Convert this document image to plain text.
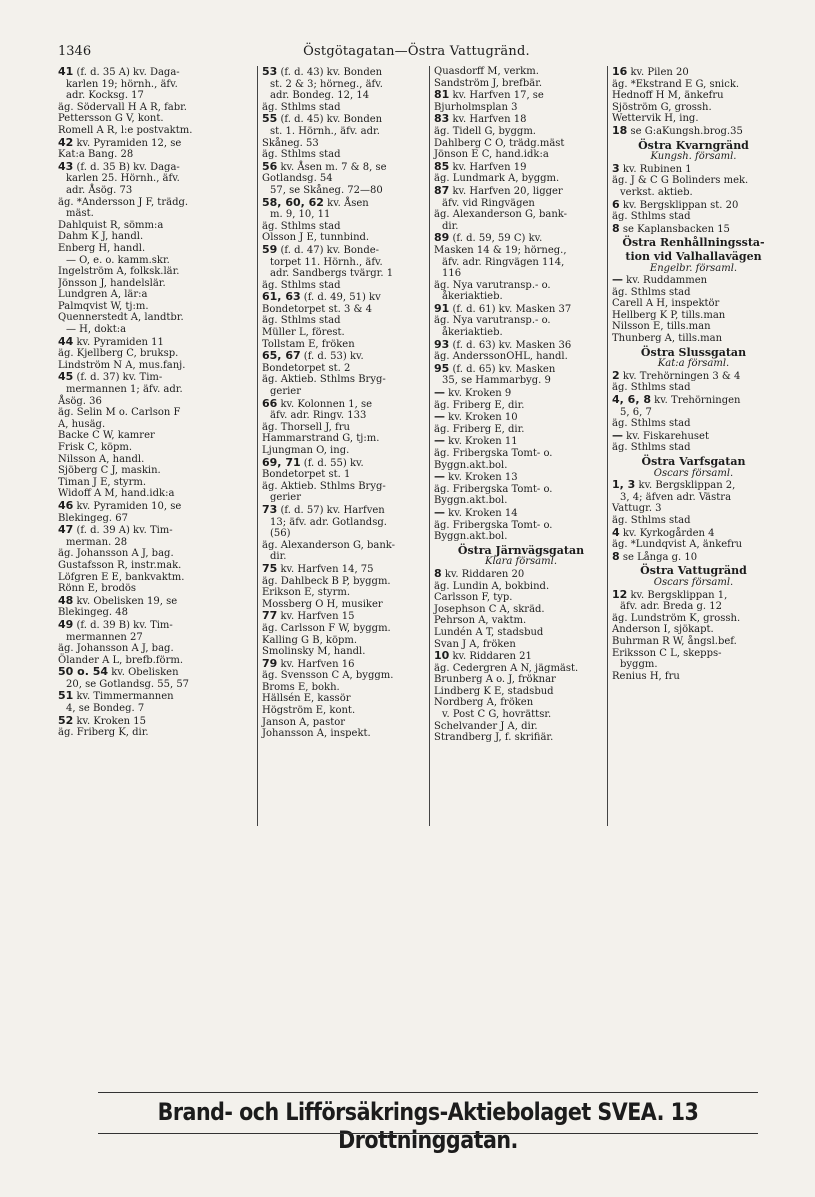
1346	Östgötagatan—Östra Vattugränd.
41 (f. d. 35 A) kv. Daga-
karlen 19; hörnh., äfv.
adr. Kocksg. 17
äg. Södervall H A R, fabr.
Pettersson G V, kont.
Romell A R, l:e postvaktm.
42 kv. Pyramiden 12, se
Kat:a Bang. 28
43 (f. d. 35 B) kv. Daga-
karlen 25. Hörnh., äfv.
adr. Åsög. 73
äg. *Andersson J F, trädg.
mäst.
Dahlquist R, sömm:a
Dahm K J, handl.
Enberg H, handl.
— O, e. o. kamm.skr.
Ingelström A, folksk.lär.
Jönsson J, handelslär.
Lundgren A, lär:a
Palmqvist W, tj:m.
Quennerstedt A, landtbr.
— H, dokt:a
44 kv. Pyramiden 11
äg. Kjellberg C, bruksp.
Lindström N A, mus.fanj.
45 (f. d. 37) kv. Tim-
mermannen 1; äfv. adr.
Åsög. 36
äg. Selin M o. Carlson F
A, husäg.
Backe C W, kamrer
Frisk C, köpm.
Nilsson A, handl.
Sjöberg C J, maskin.
Timan J E, styrm.
Widoff A M, hand.idk:a
46 kv. Pyramiden 10, se
Blekingeg. 67
47 (f. d. 39 A) kv. Tim-
merman. 28
äg. Johansson A J, bag.
Gustafsson R, instr.mak.
Löfgren E E, bankvaktm.
Rönn E, brodös
48 kv. Obelisken 19, se
Blekingeg. 48
49 (f. d. 39 B) kv. Tim-
mermannen 27
äg. Johansson A J, bag.
Ölander A L, brefb.förm.
50 o. 54 kv. Obelisken
20, se Gotlandsg. 55, 57
51 kv. Timmermannen
4, se Bondeg. 7
52 kv. Kroken 15
äg. Friberg K, dir.
53 (f. d. 43) kv. Bonden
st. 2 & 3; hörneg., äfv.
adr. Bondeg. 12, 14
äg. Sthlms stad
55 (f. d. 45) kv. Bonden
st. 1. Hörnh., äfv. adr.
Skåneg. 53
äg. Sthlms stad
56 kv. Åsen m. 7 & 8, se
Gotlandsg. 54
57, se Skåneg. 72—80
58, 60, 62 kv. Åsen
m. 9, 10, 11
äg. Sthlms stad
Olsson J E, tunnbind.
59 (f. d. 47) kv. Bonde-
torpet 11. Hörnh., äfv.
adr. Sandbergs tvärgr. 1
äg. Sthlms stad
61, 63 (f. d. 49, 51) kv
Bondetorpet st. 3 & 4
äg. Sthlms stad
Müller L, förest.
Tollstam E, fröken
65, 67 (f. d. 53) kv.
Bondetorpet st. 2
äg. Aktieb. Sthlms Bryg-
gerier
66 kv. Kolonnen 1, se
äfv. adr. Ringv. 133
äg. Thorsell J, fru
Hammarstrand G, tj:m.
Ljungman O, ing.
69, 71 (f. d. 55) kv.
Bondetorpet st. 1
äg. Aktieb. Sthlms Bryg-
gerier
73 (f. d. 57) kv. Harfven
13; äfv. adr. Gotlandsg.
(56)
äg. Alexanderson G, bank-
dir.
75 kv. Harfven 14, 75
äg. Dahlbeck B P, byggm.
Erikson E, styrm.
Mossberg O H, musiker
77 kv. Harfven 15
äg. Carlsson F W, byggm.
Kalling G B, köpm.
Smolinsky M, handl.
79 kv. Harfven 16
äg. Svensson C A, byggm.
Broms E, bokh.
Hällsén E, kassör
Högström E, kont.
Janson A, pastor
Johansson A, inspekt.
Quasdorff M, verkm.
Sandström J, brefbär.
81 kv. Harfven 17, se
Bjurholmsplan 3
83 kv. Harfven 18
äg. Tidell G, byggm.
Dahlberg C O, trädg.mäst
Jönson E C, hand.idk:a
85 kv. Harfven 19
äg. Lundmark A, byggm.
87 kv. Harfven 20, ligger
äfv. vid Ringvägen
äg. Alexanderson G, bank-
dir.
89 (f. d. 59, 59 C) kv.
Masken 14 & 19; hörneg.,
äfv. adr. Ringvägen 114,
116
äg. Nya varutransp.- o.
åkeriaktieb.
91 (f. d. 61) kv. Masken 37
äg. Nya varutransp.- o.
åkeriaktieb.
93 (f. d. 63) kv. Masken 36
äg. AnderssonOHL, handl.
95 (f. d. 65) kv. Masken
35, se Hammarbyg. 9
— kv. Kroken 9
äg. Friberg E, dir.
— kv. Kroken 10
äg. Friberg E, dir.
— kv. Kroken 11
äg. Fribergska Tomt- o.
Byggn.akt.bol.
— kv. Kroken 13
äg. Fribergska Tomt- o.
Byggn.akt.bol.
— kv. Kroken 14
äg. Fribergska Tomt- o.
Byggn.akt.bol.
Östra Järnvägsgatan
Klara församl.
8 kv. Riddaren 20
äg. Lundin A, bokbind.
Carlsson F, typ.
Josephson C A, skräd.
Pehrson A, vaktm.
Lundén A T, stadsbud
Svan J A, fröken
10 kv. Riddaren 21
äg. Cedergren A N, jägmäst.
Brunberg A o. J, fröknar
Lindberg K E, stadsbud
Nordberg A, fröken
v. Post C G, hovrättsr.
Schelvander J A, dir.
Strandberg J, f. skrifiär.
16 kv. Pilen 20
äg. *Ekstrand E G, snick.
Hednoff H M, änkefru
Sjöström G, grossh.
Wettervik H, ing.
18 se G:aKungsh.brog.35
Östra Kvarngränd
Kungsh. församl.
3 kv. Rubinen 1
äg. J & C G Bolinders mek.
verkst. aktieb.
6 kv. Bergsklippan st. 20
äg. Sthlms stad
8 se Kaplansbacken 15
Östra Renhållningssta-
tion vid Valhallavägen
Engelbr. församl.
— kv. Ruddammen
äg. Sthlms stad
Carell A H, inspektör
Hellberg K P, tills.man
Nilsson E, tills.man
Thunberg A, tills.man
Östra Slussgatan
Kat:a församl.
2 kv. Trehörningen 3 & 4
äg. Sthlms stad
4, 6, 8 kv. Trehörningen
5, 6, 7
äg. Sthlms stad
— kv. Fiskarehuset
äg. Sthlms stad
Östra Varfsgatan
Oscars församl.
1, 3 kv. Bergsklippan 2,
3, 4; äfven adr. Västra
Vattugr. 3
äg. Sthlms stad
4 kv. Kyrkogården 4
äg. *Lundqvist A, änkefru
8 se Långa g. 10
Östra Vattugränd
Oscars församl.
12 kv. Bergsklippan 1,
äfv. adr. Breda g. 12
äg. Lundström K, grossh.
Anderson I, sjökapt.
Buhrman R W, ångsl.bef.
Eriksson C L, skepps-
byggm.
Renius H, fru
Brand- och Lifförsäkrings-Aktiebolaget SVEA. 13 Drottninggatan.
